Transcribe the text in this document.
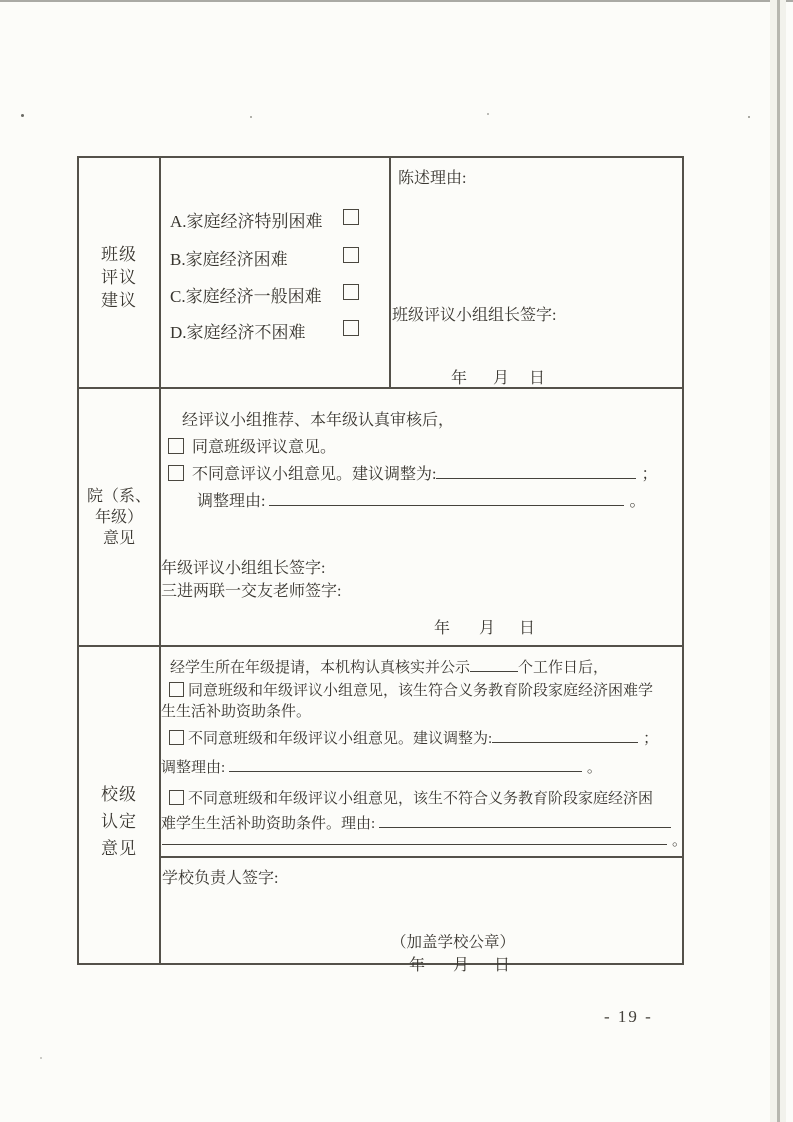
班级
评议
建议
A.家庭经济特别困难
B.家庭经济困难
C.家庭经济一般困难
D.家庭经济不困难
陈述理由:
班级评议小组组长签字:
年 月 日
院（系、
年级）
意见
经评议小组推荐、本年级认真审核后，
同意班级评议意见。
不同意评议小组意见。建议调整为:	；
调整理由:	。
年级评议小组组长签字:
三进两联一交友老师签字:
年 月 日
校级
认定
意见
经学生所在年级提请，本机构认真核实并公示	个工作日后，
同意班级和年级评议小组意见，该生符合义务教育阶段家庭经济困难学
生生活补助资助条件。
不同意班级和年级评议小组意见。建议调整为:	；
调整理由:	。
不同意班级和年级评议小组意见，该生不符合义务教育阶段家庭经济困
难学生生活补助资助条件。理由:
。
学校负责人签字:
（加盖学校公章）
年 月 日
- 19 -
